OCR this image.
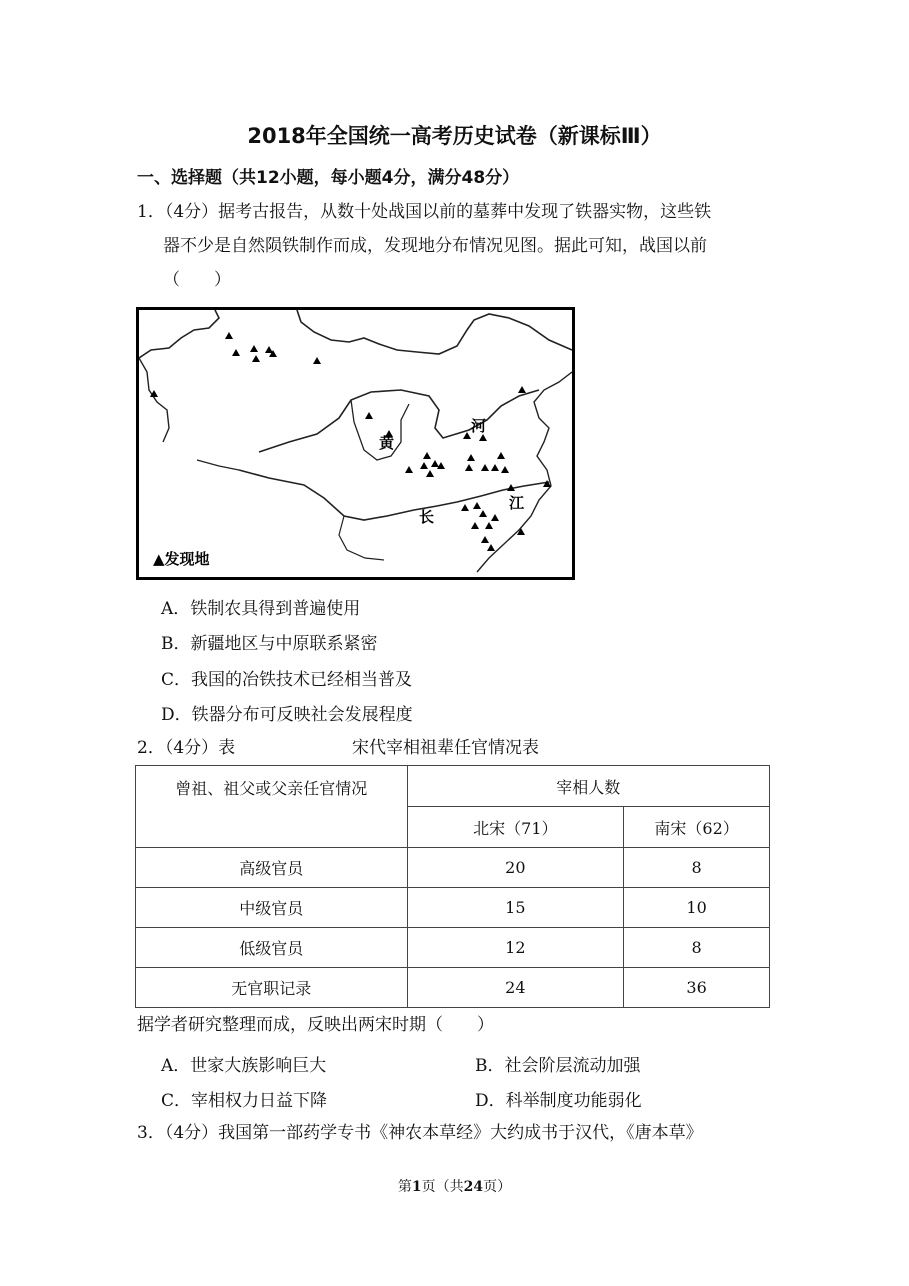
2018年全国统一高考历史试卷（新课标Ⅲ）
一、选择题（共12小题，每小题4分，满分48分）
1．（4分）据考古报告，从数十处战国以前的墓葬中发现了铁器实物，这些铁
器不少是自然陨铁制作而成，发现地分布情况见图。据此可知，战国以前
（　　）
黄
河
长
江
▲发现地
A．铁制农具得到普遍使用
B．新疆地区与中原联系紧密
C．我国的冶铁技术已经相当普及
D．铁器分布可反映社会发展程度
2．（4分）表	宋代宰相祖辈任官情况表
曾祖、祖父或父亲任官情况	宰相人数	
	北宋（71）	南宋（62）
高级官员	20	8
中级官员	15	10
低级官员	12	8
无官职记录	24	36
据学者研究整理而成，反映出两宋时期（　　）
A．世家大族影响巨大	B．社会阶层流动加强
C．宰相权力日益下降	D．科举制度功能弱化
3．（4分）我国第一部药学专书《神农本草经》大约成书于汉代，《唐本草》
第1页（共24页）
